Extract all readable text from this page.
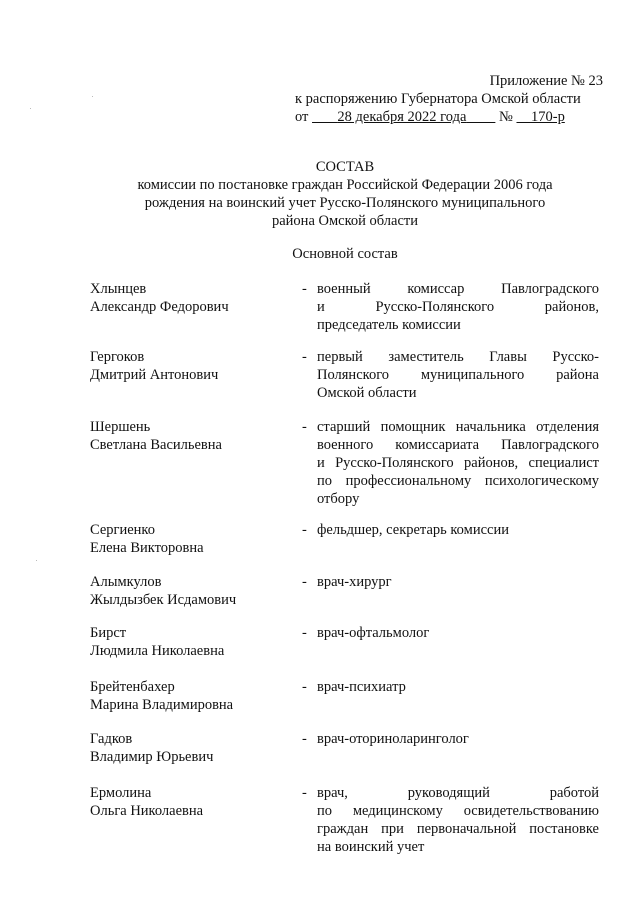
Приложение № 23
к распоряжению Губернатора Омской области
от 28 декабря 2022 года № 170-р
СОСТАВ
комиссии по постановке граждан Российской Федерации 2006 года
рождения на воинский учет Русско-Полянского муниципального
района Омской области
Основной состав
Хлынцев
Александр Федорович
- военный комиссар Павлоградского
и Русско-Полянского районов,
председатель комиссии
Гергоков
Дмитрий Антонович
- первый заместитель Главы Русско-
Полянского муниципального района
Омской области
Шершень
Светлана Васильевна
- старший помощник начальника отделения
военного комиссариата Павлоградского
и Русско-Полянского районов, специалист
по профессиональному психологическому
отбору
Сергиенко
Елена Викторовна
- фельдшер, секретарь комиссии
Алымкулов
Жылдызбек Исдамович
- врач-хирург
Бирст
Людмила Николаевна
- врач-офтальмолог
Брейтенбахер
Марина Владимировна
- врач-психиатр
Гадков
Владимир Юрьевич
- врач-оториноларинголог
Ермолина
Ольга Николаевна
- врач, руководящий работой
по медицинскому освидетельствованию
граждан при первоначальной постановке
на воинский учет
